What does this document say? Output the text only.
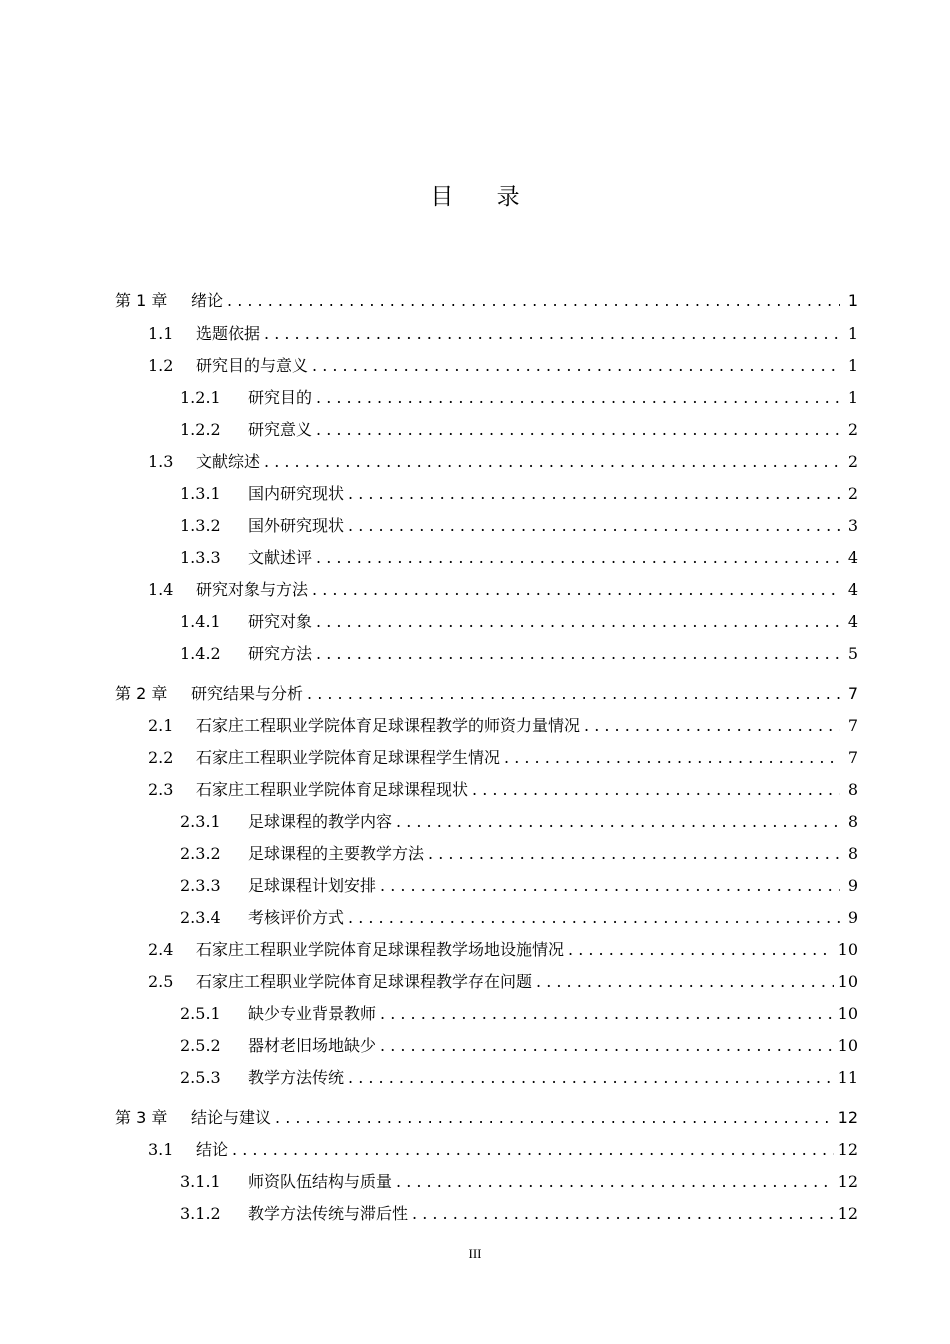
目 录
第 1 章	绪论 . . .	1
1.1	选题依据 . . .	1
1.2	研究目的与意义 . . .	1
1.2.1	研究目的 . . .	1
1.2.2	研究意义 . . .	2
1.3	文献综述 . . .	2
1.3.1	国内研究现状 . . .	2
1.3.2	国外研究现状 . . .	3
1.3.3	文献述评 . . .	4
1.4	研究对象与方法 . . .	4
1.4.1	研究对象 . . .	4
1.4.2	研究方法 . . .	5
第 2 章	研究结果与分析 . . .	7
2.1	石家庄工程职业学院体育足球课程教学的师资力量情况 . . .	7
2.2	石家庄工程职业学院体育足球课程学生情况 . . .	7
2.3	石家庄工程职业学院体育足球课程现状 . . .	8
2.3.1	足球课程的教学内容 . . .	8
2.3.2	足球课程的主要教学方法 . . .	8
2.3.3	足球课程计划安排 . . .	9
2.3.4	考核评价方式 . . .	9
2.4	石家庄工程职业学院体育足球课程教学场地设施情况 . . .	10
2.5	石家庄工程职业学院体育足球课程教学存在问题 . . .	10
2.5.1	缺少专业背景教师 . . .	10
2.5.2	器材老旧场地缺少 . . .	10
2.5.3	教学方法传统 . . .	11
第 3 章	结论与建议 . . .	12
3.1	结论 . . .	12
3.1.1	师资队伍结构与质量 . . .	12
3.1.2	教学方法传统与滞后性 . . .	12
III
